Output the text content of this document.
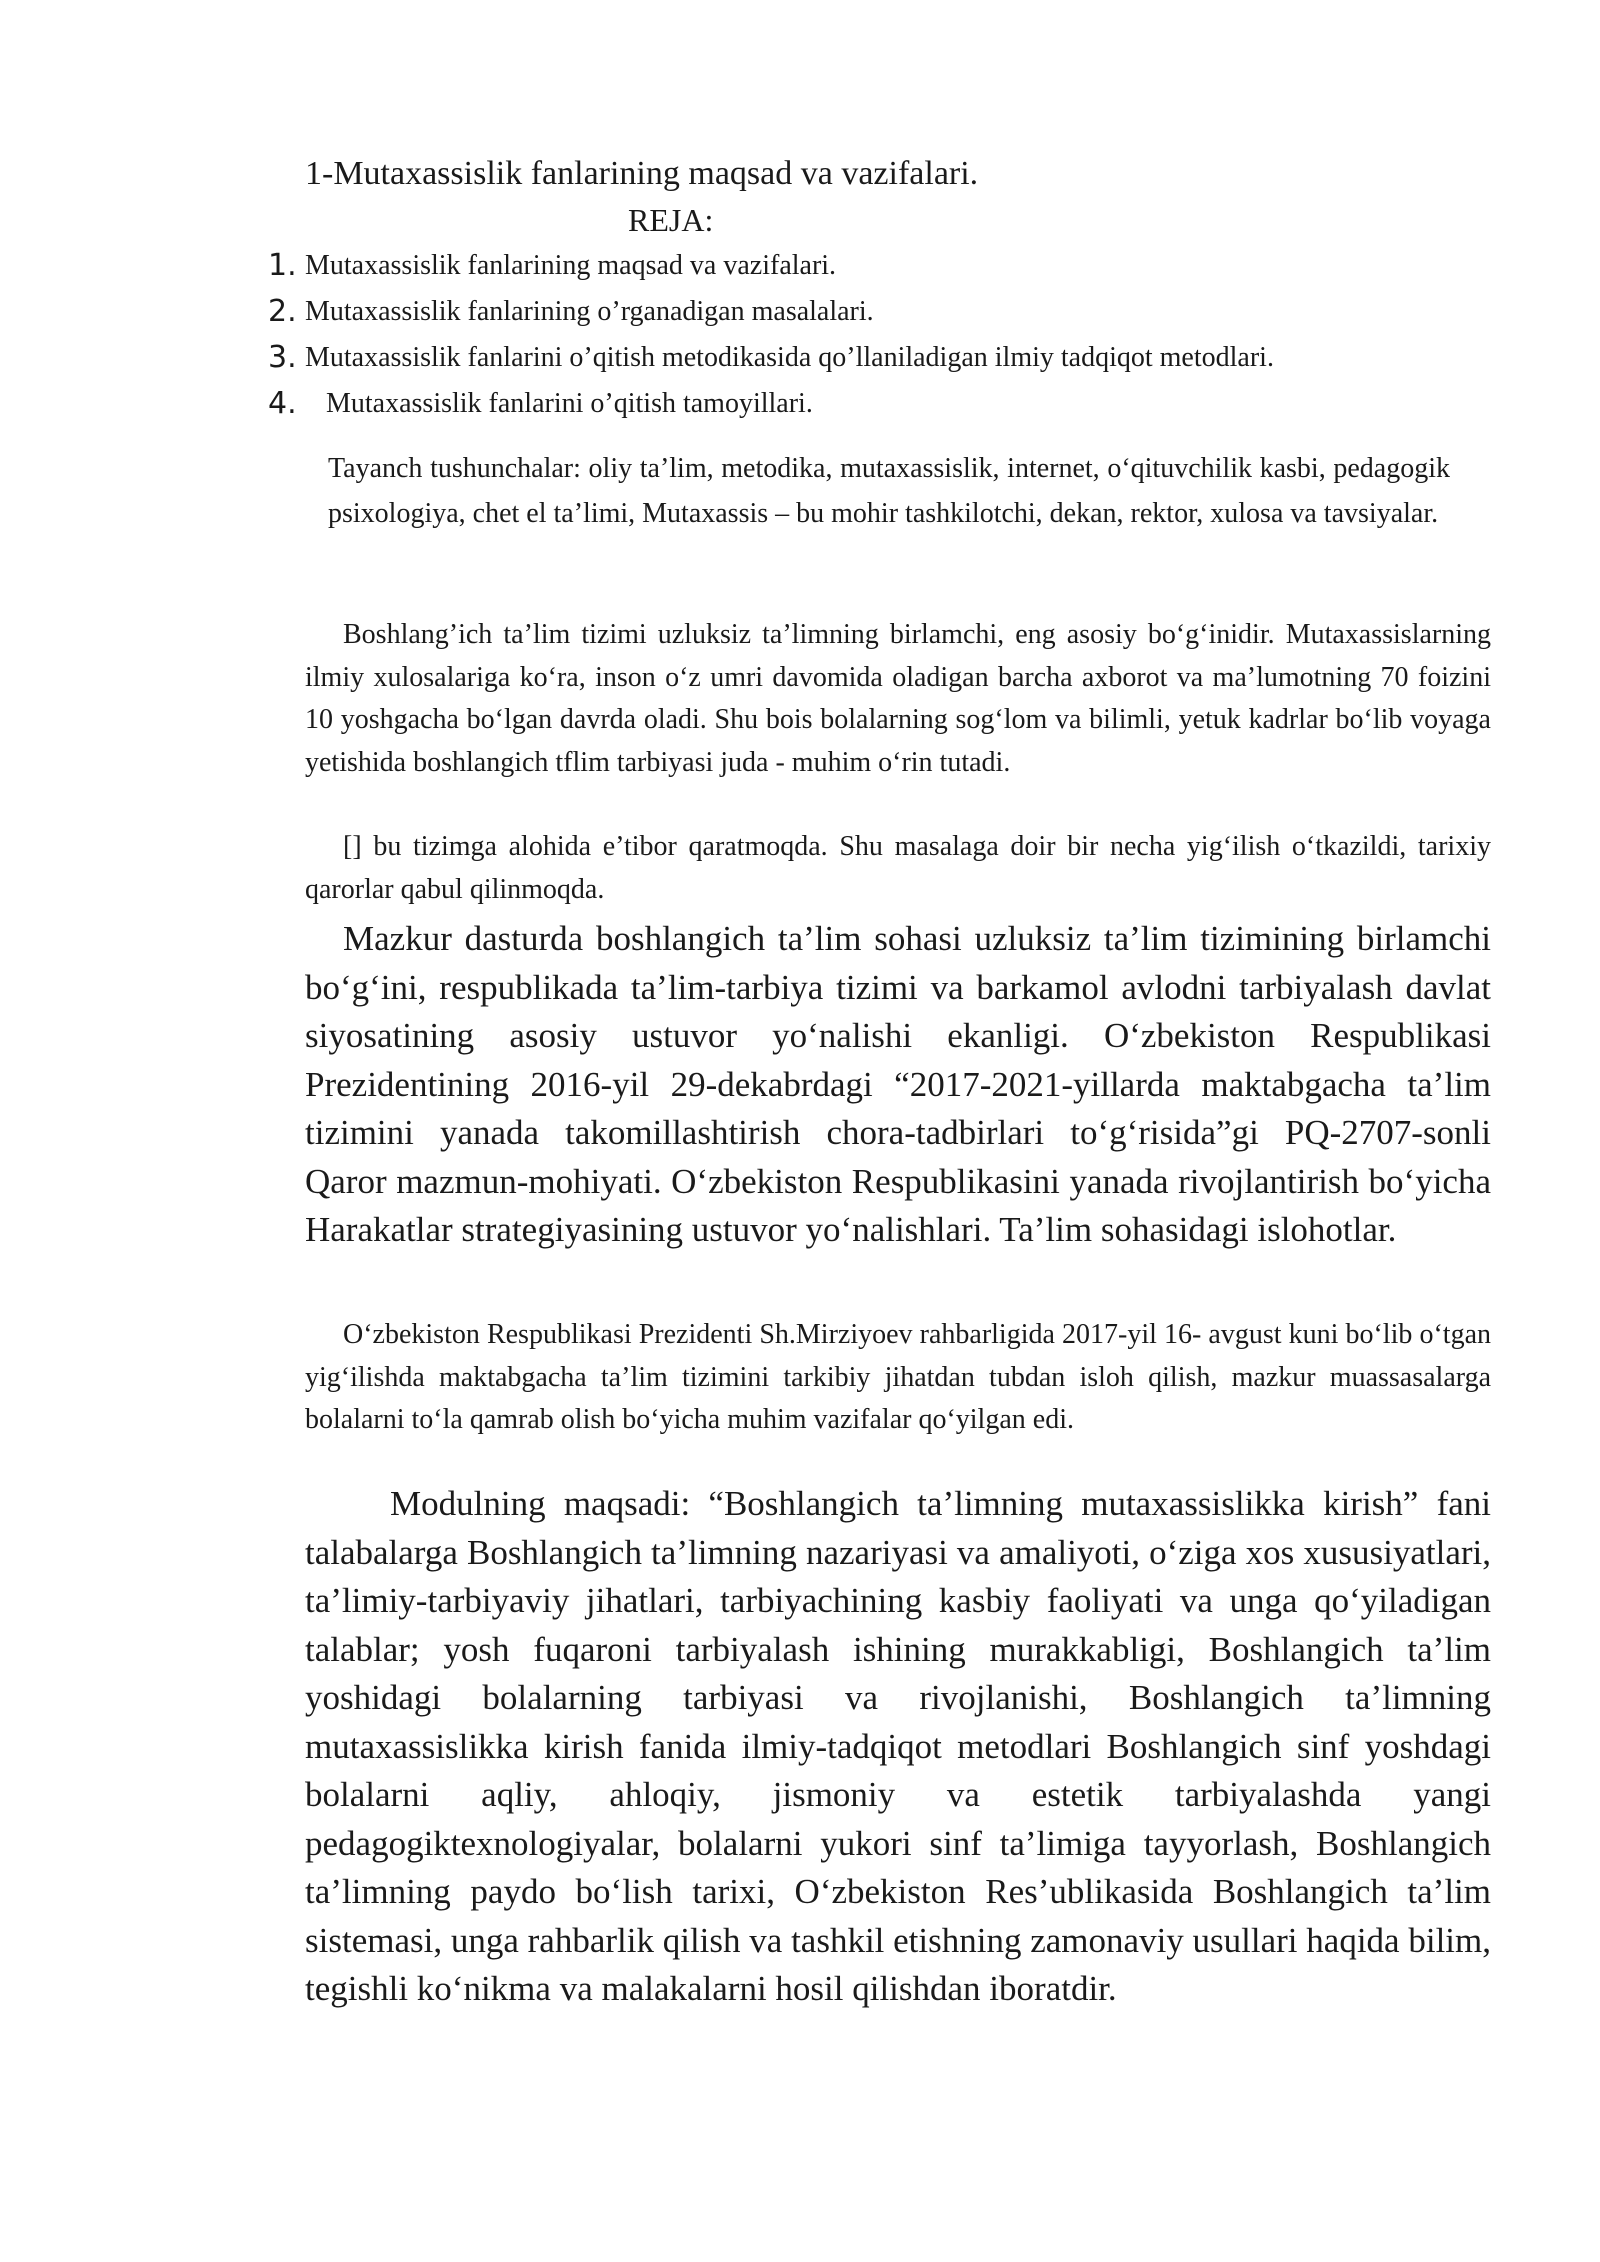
1-Mutaxassislik fanlarining maqsad va vazifalari.
REJA:
1. Mutaxassislik fanlarining maqsad va vazifalari.
2. Mutaxassislik fanlarining o’rganadigan masalalari.
3. Mutaxassislik fanlarini o’qitish metodikasida qo’llaniladigan ilmiy tadqiqot metodlari.
4. Mutaxassislik fanlarini o’qitish tamoyillari.

Tayanch tushunchalar: oliy ta’lim, metodika, mutaxassislik, internet, o‘qituvchilik kasbi, pedagogik psixologiya, chet el ta’limi, Mutaxassis – bu mohir tashkilotchi, dekan, rektor, xulosa va tavsiyalar.

Boshlang’ich ta’lim tizimi uzluksiz ta’limning birlamchi, eng asosiy bo‘g‘inidir. Mutaxassislarning ilmiy xulosalariga ko‘ra, inson o‘z umri davomida oladigan barcha axborot va ma’lumotning 70 foizini 10 yoshgacha bo‘lgan davrda oladi. Shu bois bolalarning sog‘lom va bilimli, yetuk kadrlar bo‘lib voyaga yetishida boshlangich tflim tarbiyasi juda - muhim o‘rin tutadi.

[] bu tizimga alohida e’tibor qaratmoqda. Shu masalaga doir bir necha yig‘ilish o‘tkazildi, tarixiy qarorlar qabul qilinmoqda.

Mazkur dasturda boshlangich ta’lim sohasi uzluksiz ta’lim tizimining birlamchi bo‘g‘ini, respublikada ta’lim-tarbiya tizimi va barkamol avlodni tarbiyalash davlat siyosatining asosiy ustuvor yo‘nalishi ekanligi. O‘zbekiston Respublikasi Prezidentining 2016-yil 29-dekabrdagi “2017-2021-yillarda maktabgacha ta’lim tizimini yanada takomillashtirish chora-tadbirlari to‘g‘risida”gi PQ-2707-sonli Qaror mazmun-mohiyati. O‘zbekiston Respublikasini yanada rivojlantirish bo‘yicha Harakatlar strategiyasining ustuvor yo‘nalishlari. Ta’lim sohasidagi islohotlar.

O‘zbekiston Respublikasi Prezidenti Sh.Mirziyoev rahbarligida 2017-yil 16- avgust kuni bo‘lib o‘tgan yig‘ilishda maktabgacha ta’lim tizimini tarkibiy jihatdan tubdan isloh qilish, mazkur muassasalarga bolalarni to‘la qamrab olish bo‘yicha muhim vazifalar qo‘yilgan edi.

Modulning maqsadi: “Boshlangich ta’limning mutaxassislikka kirish” fani talabalarga Boshlangich ta’limning nazariyasi va amaliyoti, o‘ziga xos xususiyatlari, ta’limiy-tarbiyaviy jihatlari, tarbiyachining kasbiy faoliyati va unga qo‘yiladigan talablar; yosh fuqaroni tarbiyalash ishining murakkabligi, Boshlangich ta’lim yoshidagi bolalarning tarbiyasi va rivojlanishi, Boshlangich ta’limning mutaxassislikka kirish fanida ilmiy-tadqiqot metodlari Boshlangich sinf yoshdagi bolalarni aqliy, ahloqiy, jismoniy va estetik tarbiyalashda yangi pedagogiktexnologiyalar, bolalarni yukori sinf ta’limiga tayyorlash, Boshlangich ta’limning paydo bo‘lish tarixi, O‘zbekiston Res’ublikasida Boshlangich ta’lim sistemasi, unga rahbarlik qilish va tashkil etishning zamonaviy usullari haqida bilim, tegishli ko‘nikma va malakalarni hosil qilishdan iboratdir.
